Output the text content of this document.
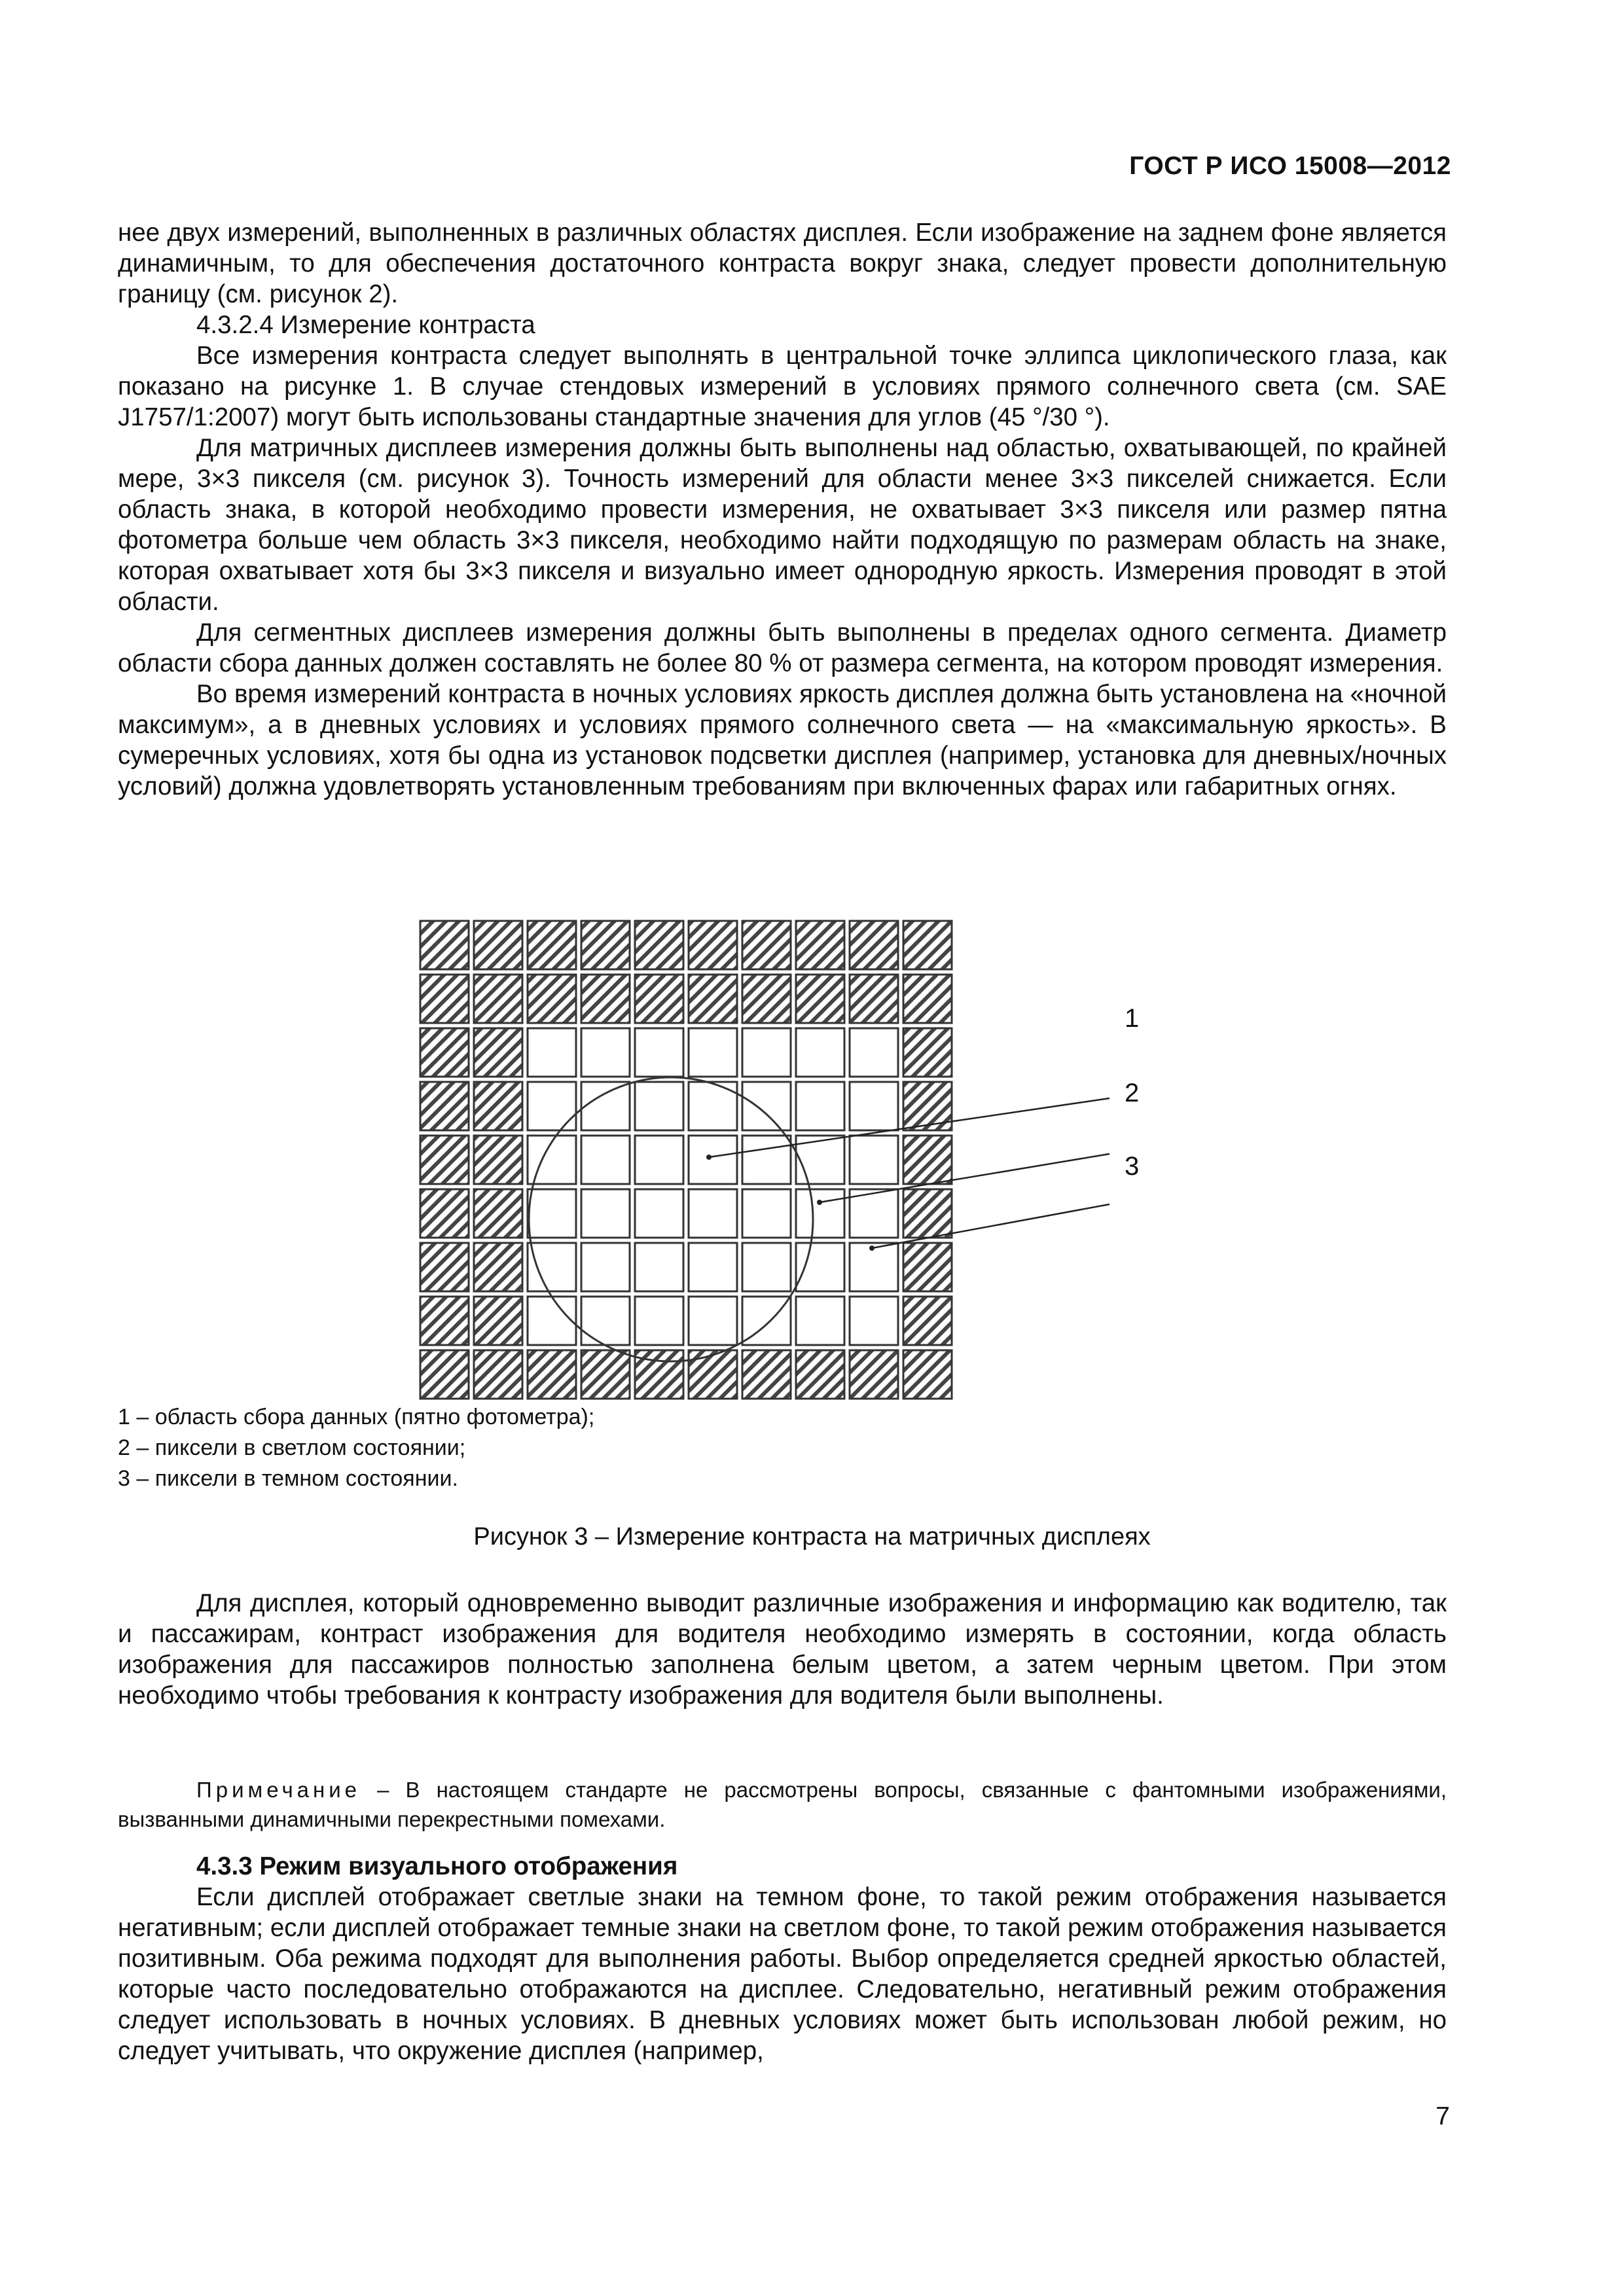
ГОСТ Р ИСО 15008—2012

нее двух измерений, выполненных в различных областях дисплея. Если изображение на заднем фоне является динамичным, то для обеспечения достаточного контраста вокруг знака, следует провести дополнительную границу (см. рисунок 2).

4.3.2.4 Измерение контраста

Все измерения контраста следует выполнять в центральной точке эллипса циклопического глаза, как показано на рисунке 1. В случае стендовых измерений в условиях прямого солнечного света (см. SAE J1757/1:2007) могут быть использованы стандартные значения для углов (45 °/30 °).

Для матричных дисплеев измерения должны быть выполнены над областью, охватывающей, по крайней мере, 3×3 пикселя (см. рисунок 3). Точность измерений для области менее 3×3 пикселей снижается. Если область знака, в которой необходимо провести измерения, не охватывает 3×3 пикселя или размер пятна фотометра больше чем область 3×3 пикселя, необходимо найти подходящую по размерам область на знаке, которая охватывает хотя бы 3×3 пикселя и визуально имеет однородную яркость. Измерения проводят в этой области.

Для сегментных дисплеев измерения должны быть выполнены в пределах одного сегмента. Диаметр области сбора данных должен составлять не более 80 % от размера сегмента, на котором проводят измерения.

Во время измерений контраста в ночных условиях яркость дисплея должна быть установлена на «ночной максимум», а в дневных условиях и условиях прямого солнечного света — на «максимальную яркость». В сумеречных условиях, хотя бы одна из установок подсветки дисплея (например, установка для дневных/ночных условий) должна удовлетворять установленным требованиям при включенных фарах или габаритных огнях.

1
2
3
1 – область сбора данных (пятно фотометра);
2 – пиксели в светлом состоянии;
3 – пиксели в темном состоянии.
Рисунок 3 – Измерение контраста на матричных дисплеях

Для дисплея, который одновременно выводит различные изображения и информацию как водителю, так и пассажирам, контраст изображения для водителя необходимо измерять в состоянии, когда область изображения для пассажиров полностью заполнена белым цветом, а затем черным цветом. При этом необходимо чтобы требования к контрасту изображения для водителя были выполнены.

Примечание – В настоящем стандарте не рассмотрены вопросы, связанные с фантомными изображениями, вызванными динамичными перекрестными помехами.

4.3.3 Режим визуального отображения

Если дисплей отображает светлые знаки на темном фоне, то такой режим отображения называется негативным; если дисплей отображает темные знаки на светлом фоне, то такой режим отображения называется позитивным. Оба режима подходят для выполнения работы. Выбор определяется средней яркостью областей, которые часто последовательно отображаются на дисплее. Следовательно, негативный режим отображения следует использовать в ночных условиях. В дневных условиях может быть использован любой режим, но следует учитывать, что окружение дисплея (например,

7
